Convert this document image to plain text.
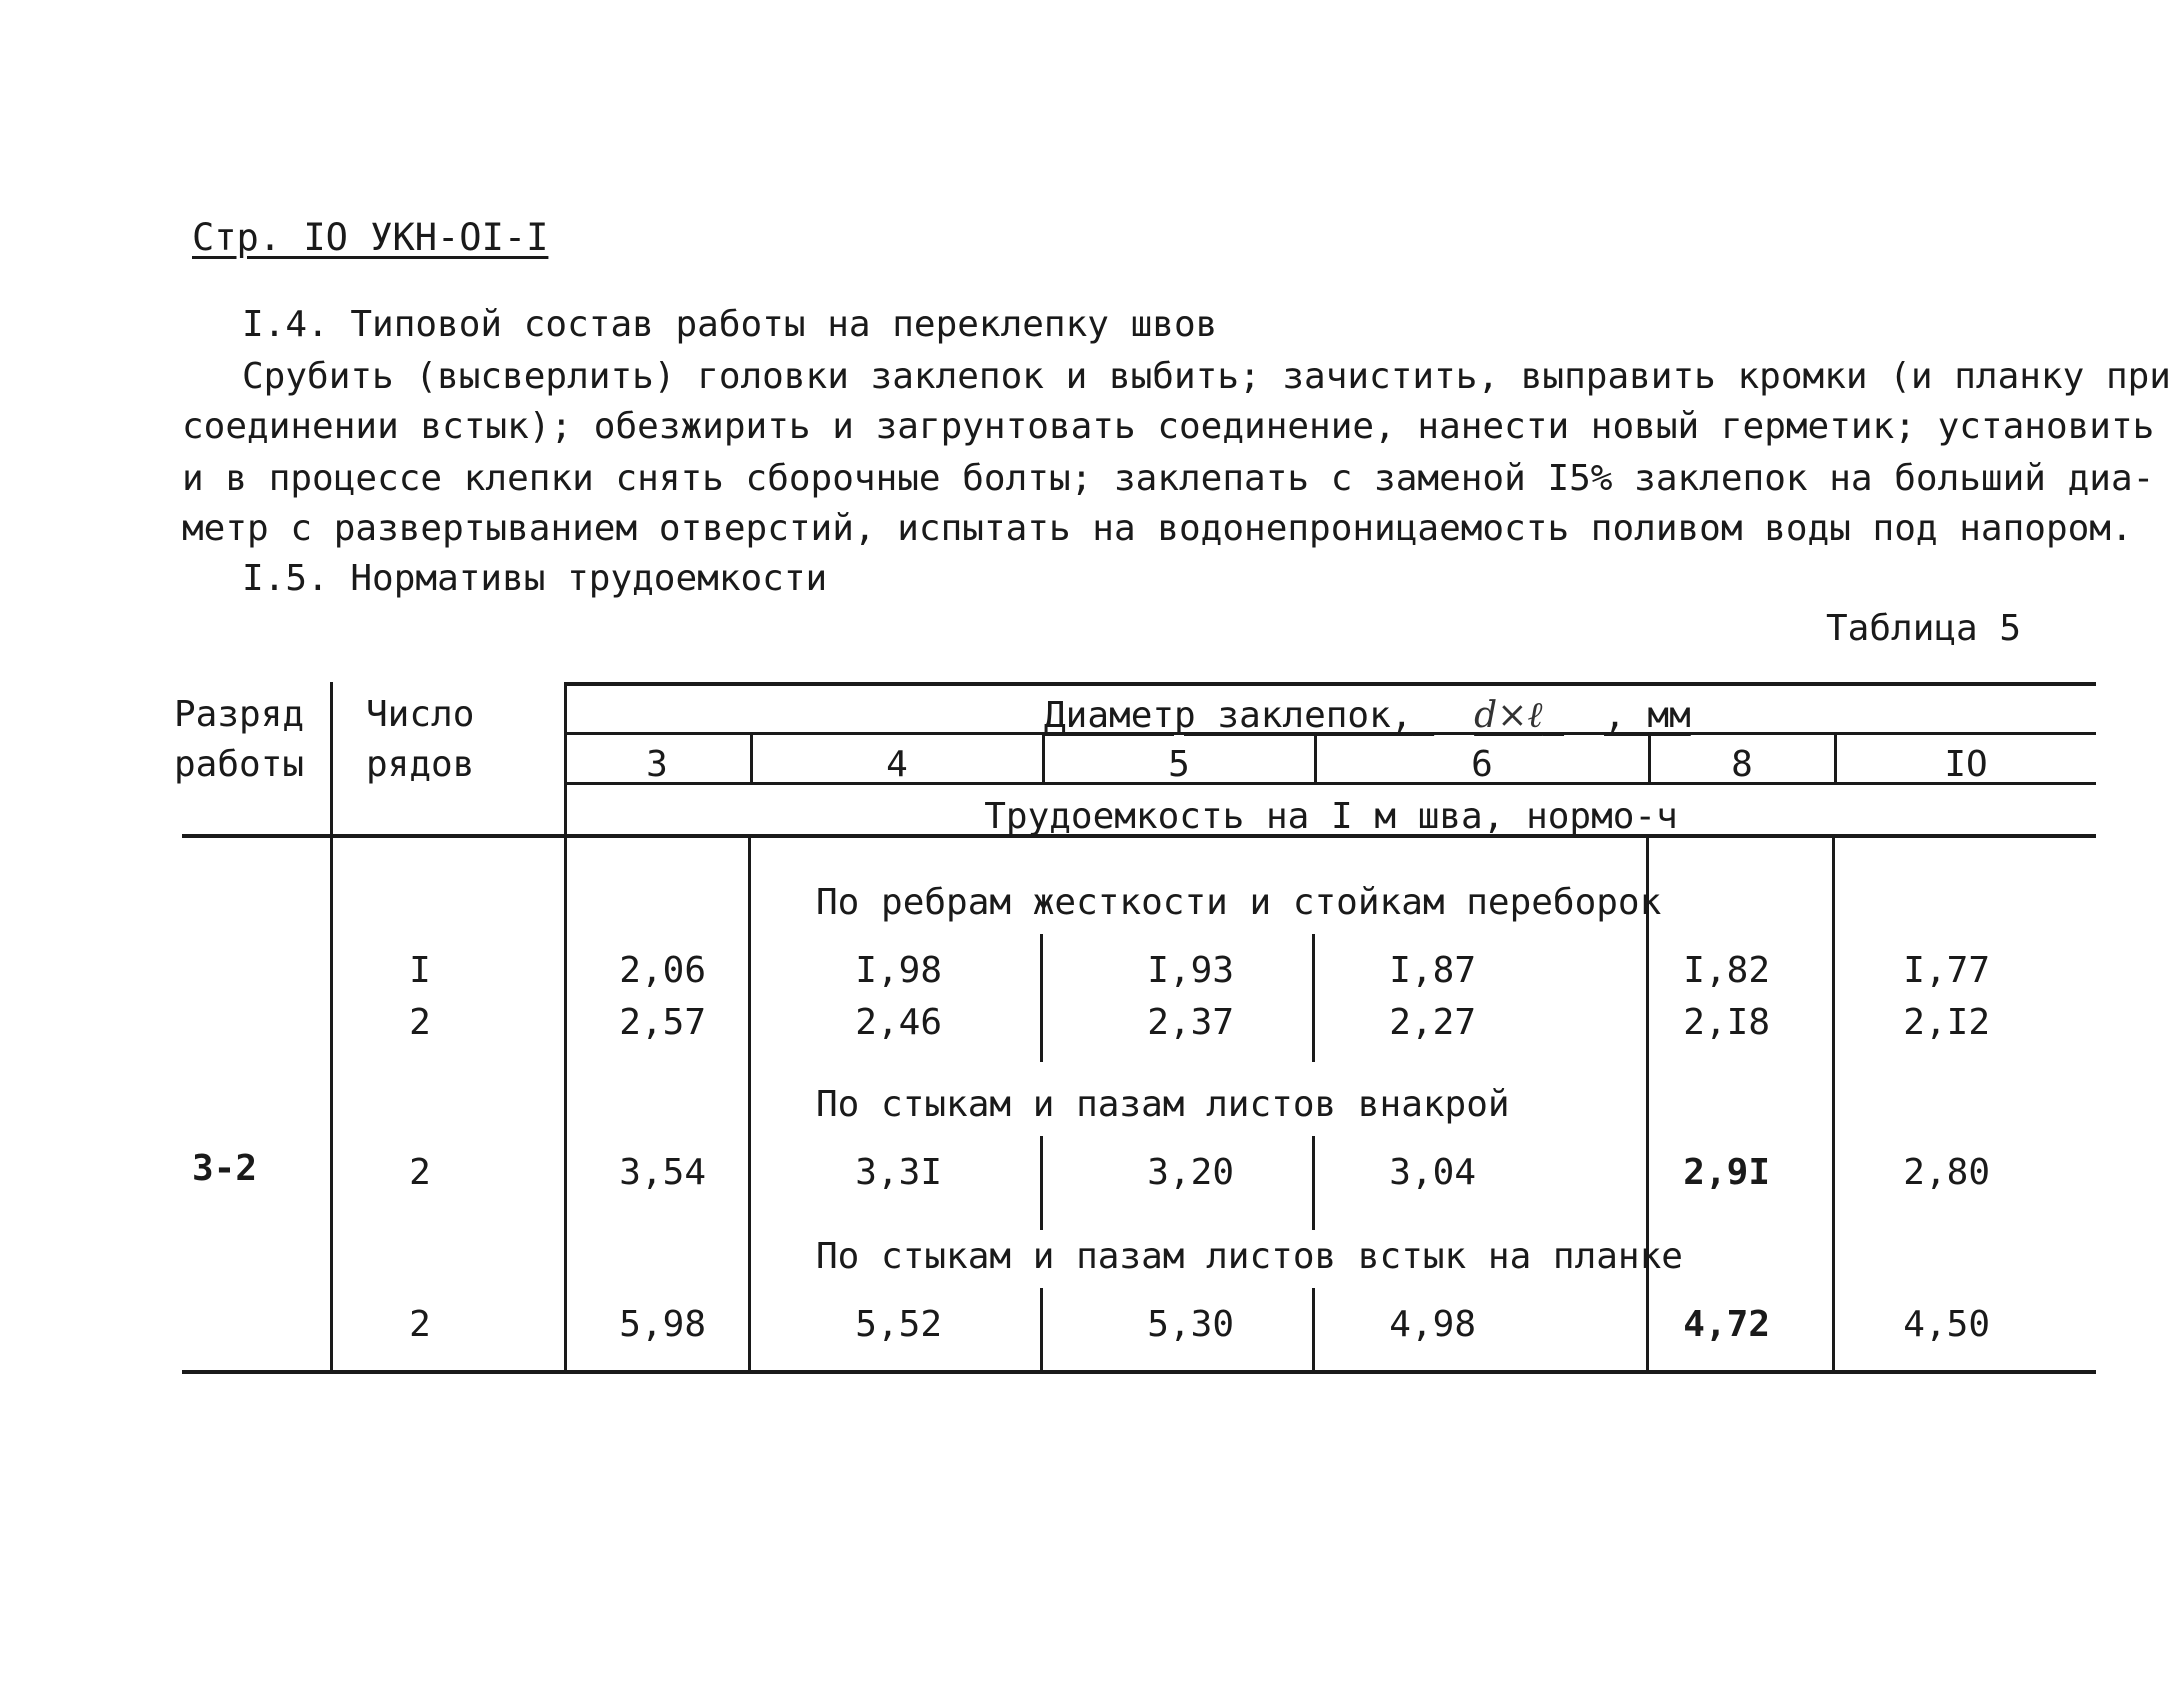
Стр. IO УКН-OI-I
I.4. Типовой состав работы на переклепку швов
Срубить (высверлить) головки заклепок и выбить; зачистить, выправить кромки (и планку при
соединении встык); обезжирить и загрунтовать соединение, нанести новый герметик; установить
и в процессе клепки снять сборочные болты; заклепать с заменой I5% заклепок на больший диа-
метр с развертыванием отверстий, испытать на водонепроницаемость поливом воды под напором.
I.5. Нормативы трудоемкости
Таблица 5
Разряд
работы
Число
рядов
Диаметр заклепок, d×ℓ , мм
3	4	5	6	8	IO
Трудоемкость на I м шва, нормо-ч
3-2
По ребрам жесткости и стойкам переборок
I	2,06	I,98	I,93	I,87	I,82	I,77
2	2,57	2,46	2,37	2,27	2,I8	2,I2
По стыкам и пазам листов внакрой
2	3,54	3,3I	3,20	3,04	2,9I	2,80
По стыкам и пазам листов встык на планке
2	5,98	5,52	5,30	4,98	4,72	4,50
